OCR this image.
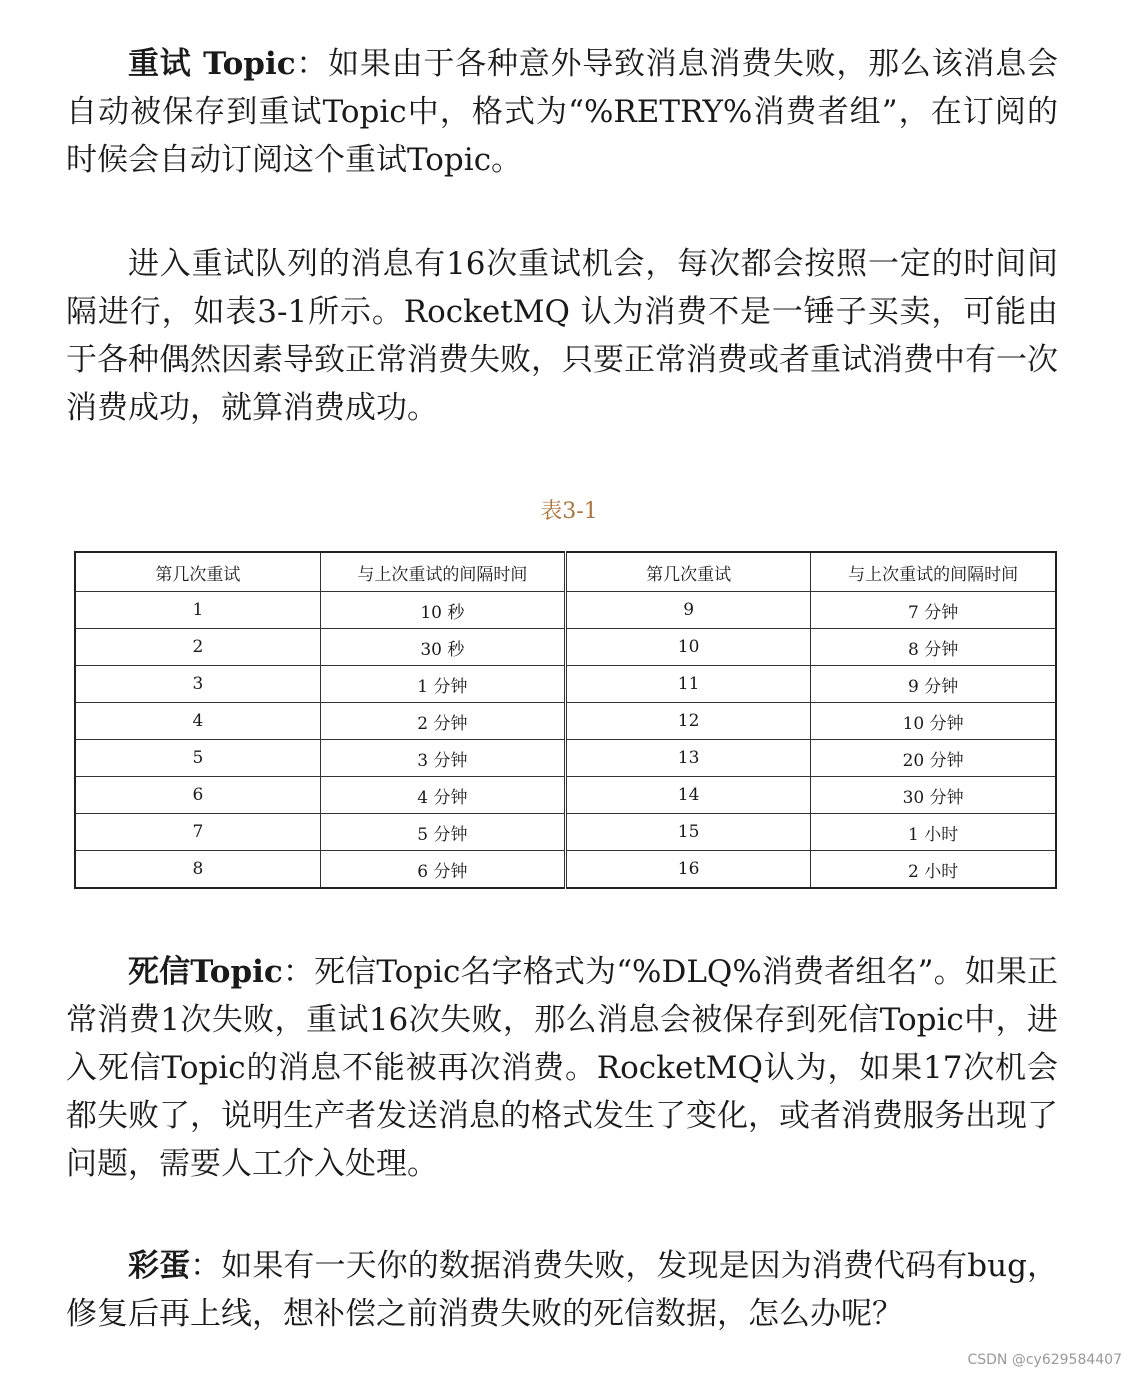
重试 Topic：如果由于各种意外导致消息消费失败，那么该消息会自动被保存到重试Topic中，格式为“%RETRY%消费者组”，在订阅的时候会自动订阅这个重试Topic。

进入重试队列的消息有16次重试机会，每次都会按照一定的时间间隔进行，如表3-1所示。RocketMQ 认为消费不是一锤子买卖，可能由于各种偶然因素导致正常消费失败，只要正常消费或者重试消费中有一次消费成功，就算消费成功。

表3-1
第几次重试	与上次重试的间隔时间	第几次重试	与上次重试的间隔时间
1	10 秒	9	7 分钟
2	30 秒	10	8 分钟
3	1 分钟	11	9 分钟
4	2 分钟	12	10 分钟
5	3 分钟	13	20 分钟
6	4 分钟	14	30 分钟
7	5 分钟	15	1 小时
8	6 分钟	16	2 小时

死信Topic：死信Topic名字格式为“%DLQ%消费者组名”。如果正常消费1次失败，重试16次失败，那么消息会被保存到死信Topic中，进入死信Topic的消息不能被再次消费。RocketMQ认为，如果17次机会都失败了，说明生产者发送消息的格式发生了变化，或者消费服务出现了问题，需要人工介入处理。

彩蛋：如果有一天你的数据消费失败，发现是因为消费代码有bug，修复后再上线，想补偿之前消费失败的死信数据，怎么办呢？

CSDN @cy629584407
